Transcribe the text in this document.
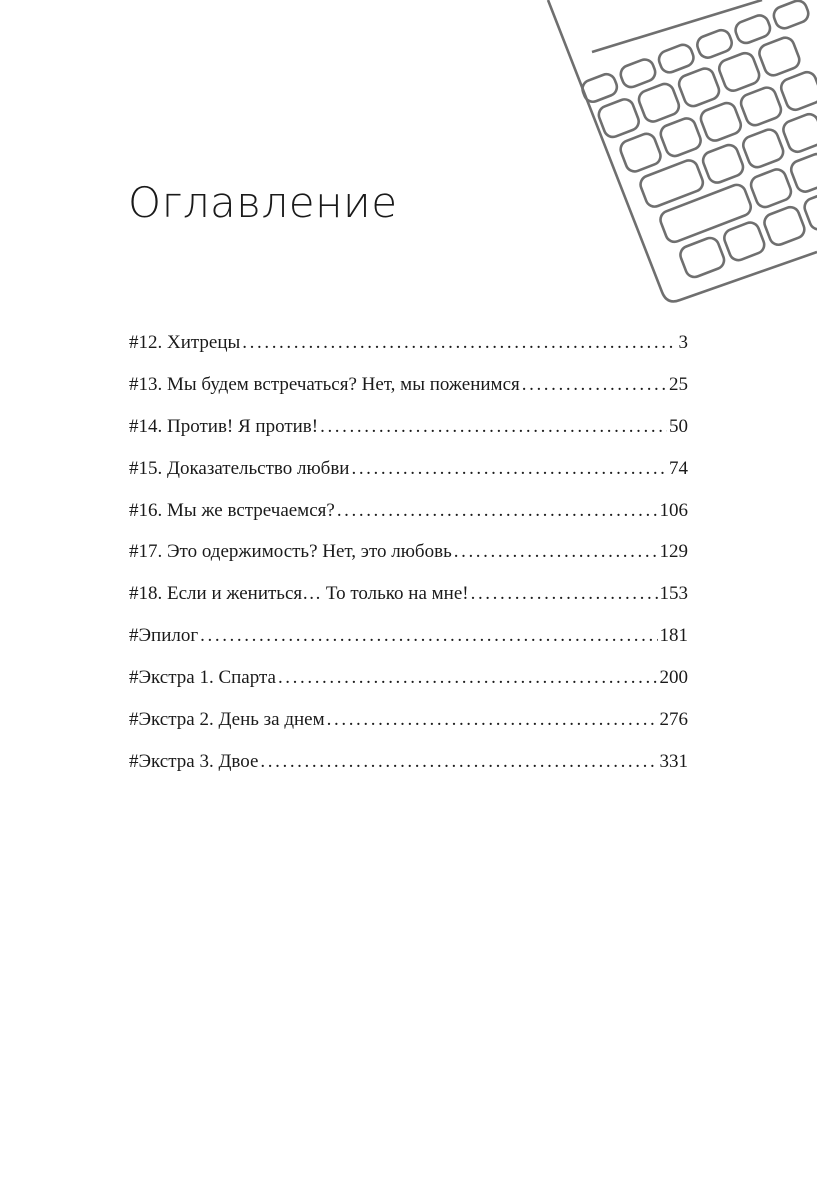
Оглавление
#12. Хитрецы .....	3
#13. Мы будем встречаться? Нет, мы поженимся .....	25
#14. Против! Я против! .....	50
#15. Доказательство любви .....	74
#16. Мы же встречаемся? .....	106
#17. Это одержимость? Нет, это любовь .....	129
#18. Если и жениться… То только на мне! .....	153
#Эпилог .....	181
#Экстра 1. Спарта .....	200
#Экстра 2. День за днем .....	276
#Экстра 3. Двое .....	331
